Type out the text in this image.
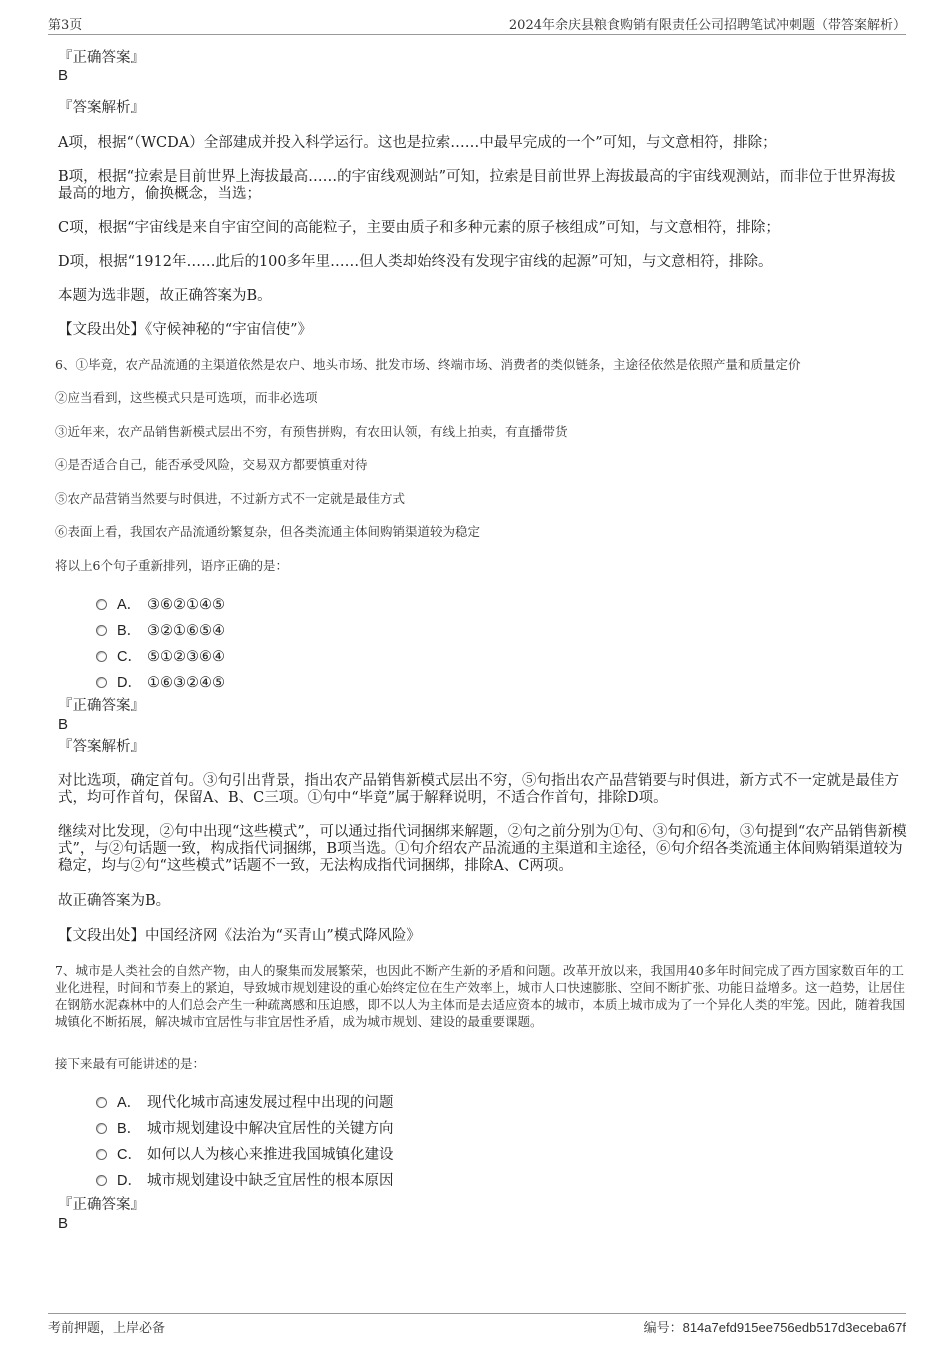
第3页	2024年余庆县粮食购销有限责任公司招聘笔试冲刺题（带答案解析）
『正确答案』
B
『答案解析』
A项，根据“（WCDA）全部建成并投入科学运行。这也是拉索……中最早完成的一个”可知，与文意相符，排除；
B项，根据“拉索是目前世界上海拔最高……的宇宙线观测站”可知，拉索是目前世界上海拔最高的宇宙线观测站，而非位于世界海拔最高的地方，偷换概念，当选；
C项，根据“宇宙线是来自宇宙空间的高能粒子，主要由质子和多种元素的原子核组成”可知，与文意相符，排除；
D项，根据“1912年……此后的100多年里……但人类却始终没有发现宇宙线的起源”可知，与文意相符，排除。
本题为选非题，故正确答案为B。
【文段出处】《守候神秘的“宇宙信使”》
6、①毕竟，农产品流通的主渠道依然是农户、地头市场、批发市场、终端市场、消费者的类似链条，主途径依然是依照产量和质量定价
②应当看到，这些模式只是可选项，而非必选项
③近年来，农产品销售新模式层出不穷，有预售拼购，有农田认领，有线上拍卖，有直播带货
④是否适合自己，能否承受风险，交易双方都要慎重对待
⑤农产品营销当然要与时俱进，不过新方式不一定就是最佳方式
⑥表面上看，我国农产品流通纷繁复杂，但各类流通主体间购销渠道较为稳定
将以上6个句子重新排列，语序正确的是：
A． ③⑥②①④⑤
B． ③②①⑥⑤④
C． ⑤①②③⑥④
D． ①⑥③②④⑤
『正确答案』
B
『答案解析』
对比选项，确定首句。③句引出背景，指出农产品销售新模式层出不穷，⑤句指出农产品营销要与时俱进，新方式不一定就是最佳方式，均可作首句，保留A、B、C三项。①句中“毕竟”属于解释说明，不适合作首句，排除D项。
继续对比发现，②句中出现“这些模式”，可以通过指代词捆绑来解题，②句之前分别为①句、③句和⑥句，③句提到“农产品销售新模式”，与②句话题一致，构成指代词捆绑，B项当选。①句介绍农产品流通的主渠道和主途径，⑥句介绍各类流通主体间购销渠道较为稳定，均与②句“这些模式”话题不一致，无法构成指代词捆绑，排除A、C两项。
故正确答案为B。
【文段出处】中国经济网《法治为“买青山”模式降风险》
7、城市是人类社会的自然产物，由人的聚集而发展繁荣，也因此不断产生新的矛盾和问题。改革开放以来，我国用40多年时间完成了西方国家数百年的工业化进程，时间和节奏上的紧迫，导致城市规划建设的重心始终定位在生产效率上，城市人口快速膨胀、空间不断扩张、功能日益增多。这一趋势，让居住在钢筋水泥森林中的人们总会产生一种疏离感和压迫感，即不以人为主体而是去适应资本的城市，本质上城市成为了一个异化人类的牢笼。因此，随着我国城镇化不断拓展，解决城市宜居性与非宜居性矛盾，成为城市规划、建设的最重要课题。
接下来最有可能讲述的是：
A． 现代化城市高速发展过程中出现的问题
B． 城市规划建设中解决宜居性的关键方向
C． 如何以人为核心来推进我国城镇化建设
D． 城市规划建设中缺乏宜居性的根本原因
『正确答案』
B
考前押题，上岸必备	编号：814a7efd915ee756edb517d3eceba67f
